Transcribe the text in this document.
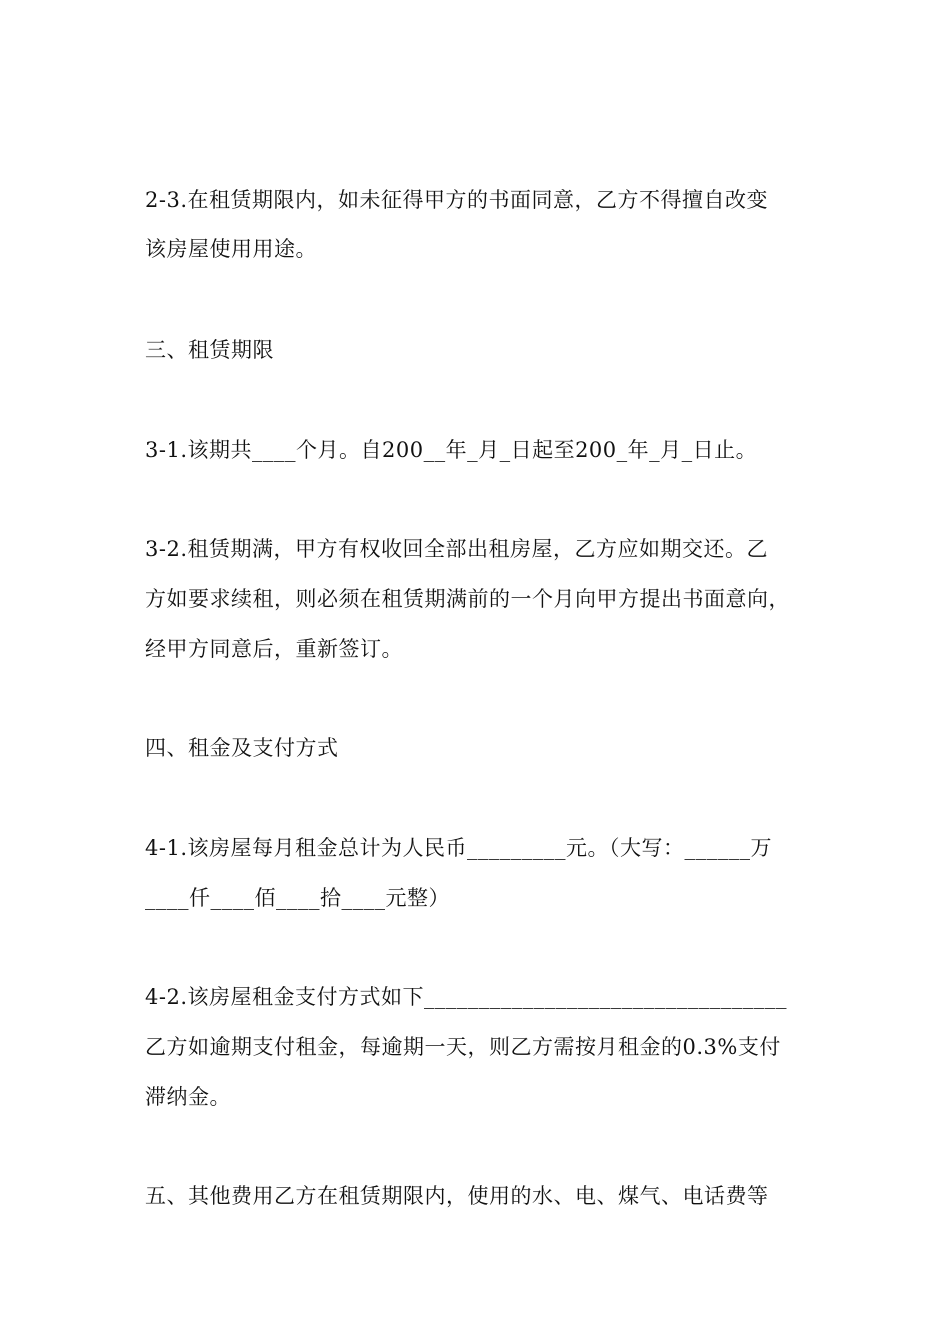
2-3.在租赁期限内，如未征得甲方的书面同意，乙方不得擅自改变
该房屋使用用途。
三、租赁期限
3-1.该期共____个月。自200__年_月_日起至200_年_月_日止。
3-2.租赁期满，甲方有权收回全部出租房屋，乙方应如期交还。乙
方如要求续租，则必须在租赁期满前的一个月向甲方提出书面意向，
经甲方同意后，重新签订。
四、租金及支付方式
4-1.该房屋每月租金总计为人民币_________元。（大写：______万
____仟____佰____拾____元整）
4-2.该房屋租金支付方式如下_________________________________
乙方如逾期支付租金，每逾期一天，则乙方需按月租金的0.3%支付
滞纳金。
五、其他费用乙方在租赁期限内，使用的水、电、煤气、电话费等
